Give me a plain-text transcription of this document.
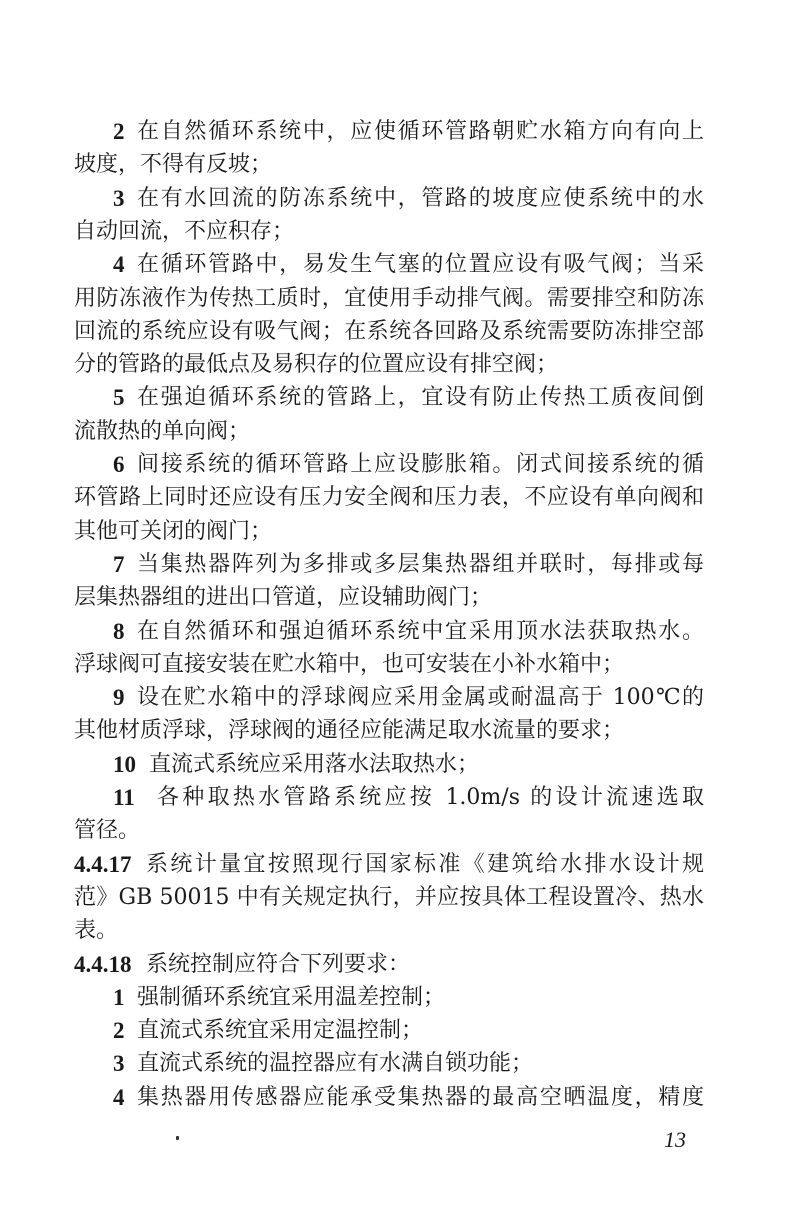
2 在自然循环系统中，应使循环管路朝贮水箱方向有向上
坡度，不得有反坡；
3 在有水回流的防冻系统中，管路的坡度应使系统中的水
自动回流，不应积存；
4 在循环管路中，易发生气塞的位置应设有吸气阀；当采
用防冻液作为传热工质时，宜使用手动排气阀。需要排空和防冻
回流的系统应设有吸气阀；在系统各回路及系统需要防冻排空部
分的管路的最低点及易积存的位置应设有排空阀；
5 在强迫循环系统的管路上，宜设有防止传热工质夜间倒
流散热的单向阀；
6 间接系统的循环管路上应设膨胀箱。闭式间接系统的循
环管路上同时还应设有压力安全阀和压力表，不应设有单向阀和
其他可关闭的阀门；
7 当集热器阵列为多排或多层集热器组并联时，每排或每
层集热器组的进出口管道，应设辅助阀门；
8 在自然循环和强迫循环系统中宜采用顶水法获取热水。
浮球阀可直接安装在贮水箱中，也可安装在小补水箱中；
9 设在贮水箱中的浮球阀应采用金属或耐温高于 100℃的
其他材质浮球，浮球阀的通径应能满足取水流量的要求；
10 直流式系统应采用落水法取热水；
11	各种取热水管路系统应按 1.0m/s 的设计流速选取
管径。
4.4.17 系统计量宜按照现行国家标准《建筑给水排水设计规
范》GB 50015 中有关规定执行，并应按具体工程设置冷、热水
表。
4.4.18 系统控制应符合下列要求：
1 强制循环系统宜采用温差控制；
2 直流式系统宜采用定温控制；
3 直流式系统的温控器应有水满自锁功能；
4 集热器用传感器应能承受集热器的最高空晒温度，精度
13
